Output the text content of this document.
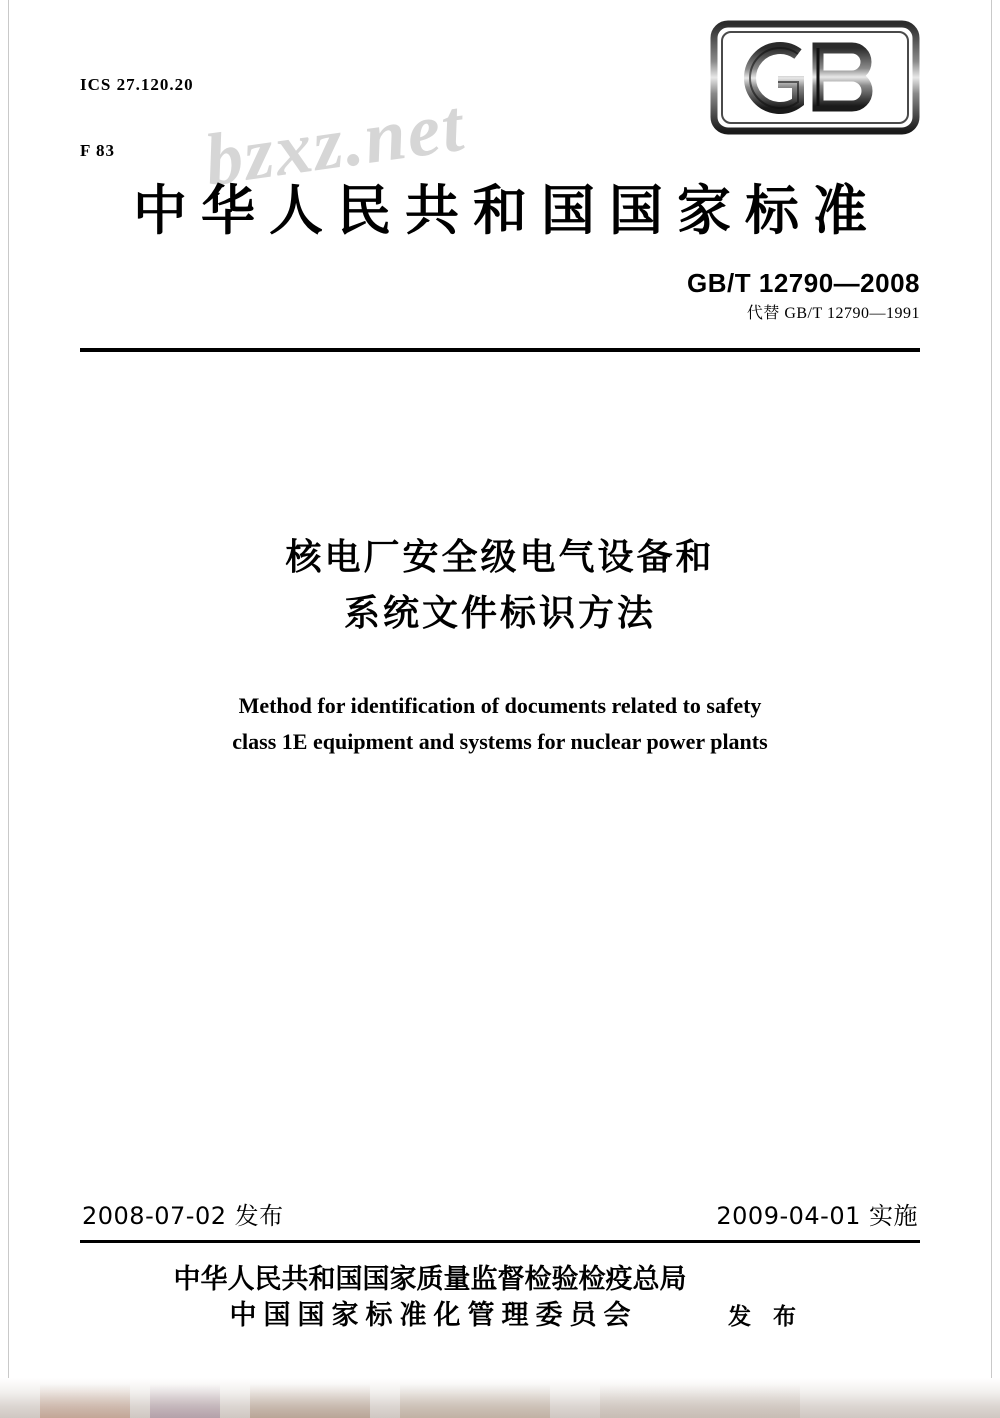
ICS 27.120.20

F 83

	bzxz.net
中华人民共和国国家标准
GB/T 12790—2008
代替 GB/T 12790—1991
核电厂安全级电气设备和
系统文件标识方法
Method for identification of documents related to safety
class 1E equipment and systems for nuclear power plants
2008-07-02 发布	2009-04-01 实施
中华人民共和国国家质量监督检验检疫总局
中国国家标准化管理委员会	发 布
